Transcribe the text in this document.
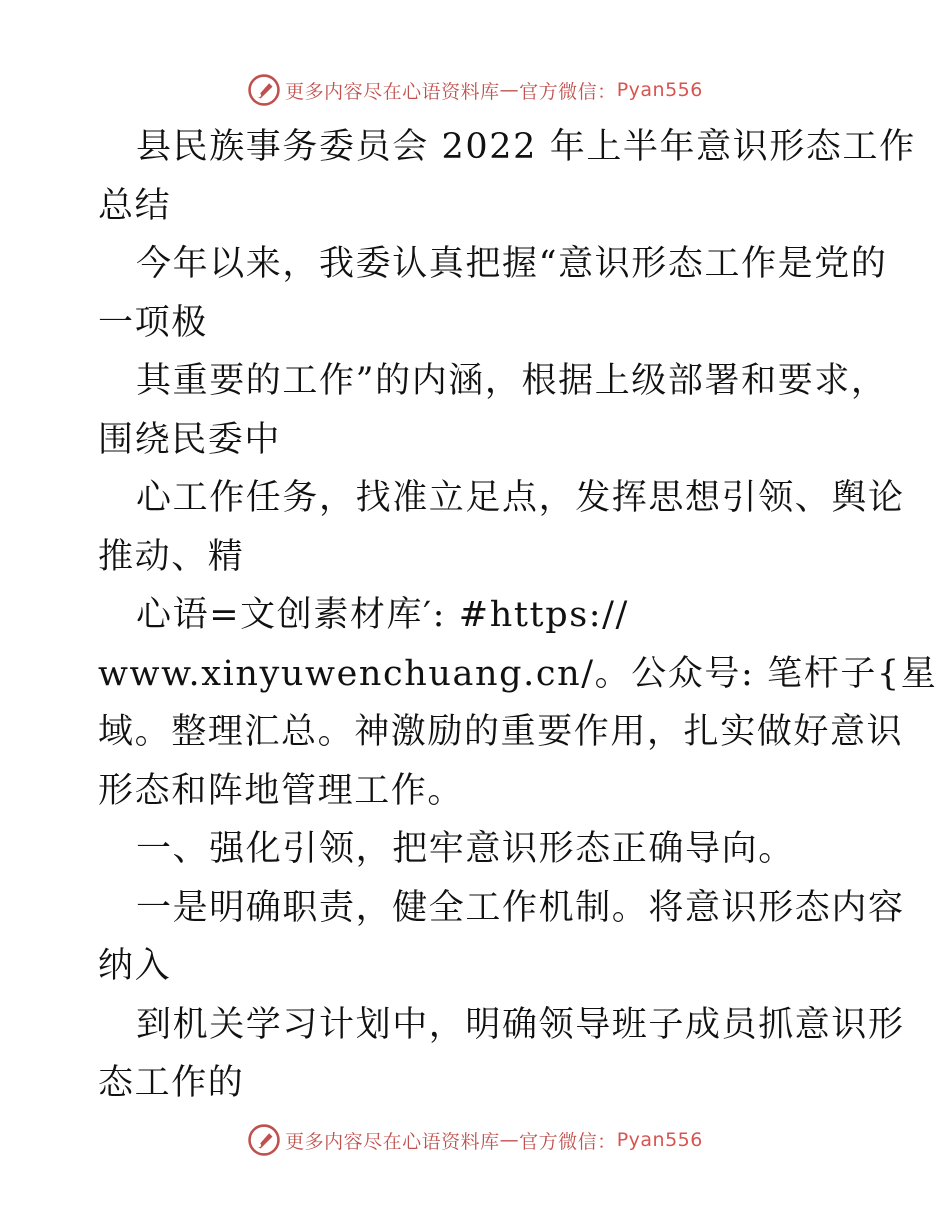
更多内容尽在心语资料库 — 官方微信： Pyan556
县民族事务委员会 2022 年上半年意识形态工作
总结
今年以来，我委认真把握“意识形态工作是党的
一项极
其重要的工作”的内涵，根据上级部署和要求，
围绕民委中
心工作任务，找准立足点，发挥思想引领、舆论
推动、精
心语=文创素材库′: #https://
www.xinyuwenchuang.cn/。公众号: 笔杆子{星
域。整理汇总。神激励的重要作用，扎实做好意识
形态和阵地管理工作。
一、强化引领，把牢意识形态正确导向。
一是明确职责，健全工作机制。将意识形态内容
纳入
到机关学习计划中，明确领导班子成员抓意识形
态工作的
更多内容尽在心语资料库 — 官方微信： Pyan556
